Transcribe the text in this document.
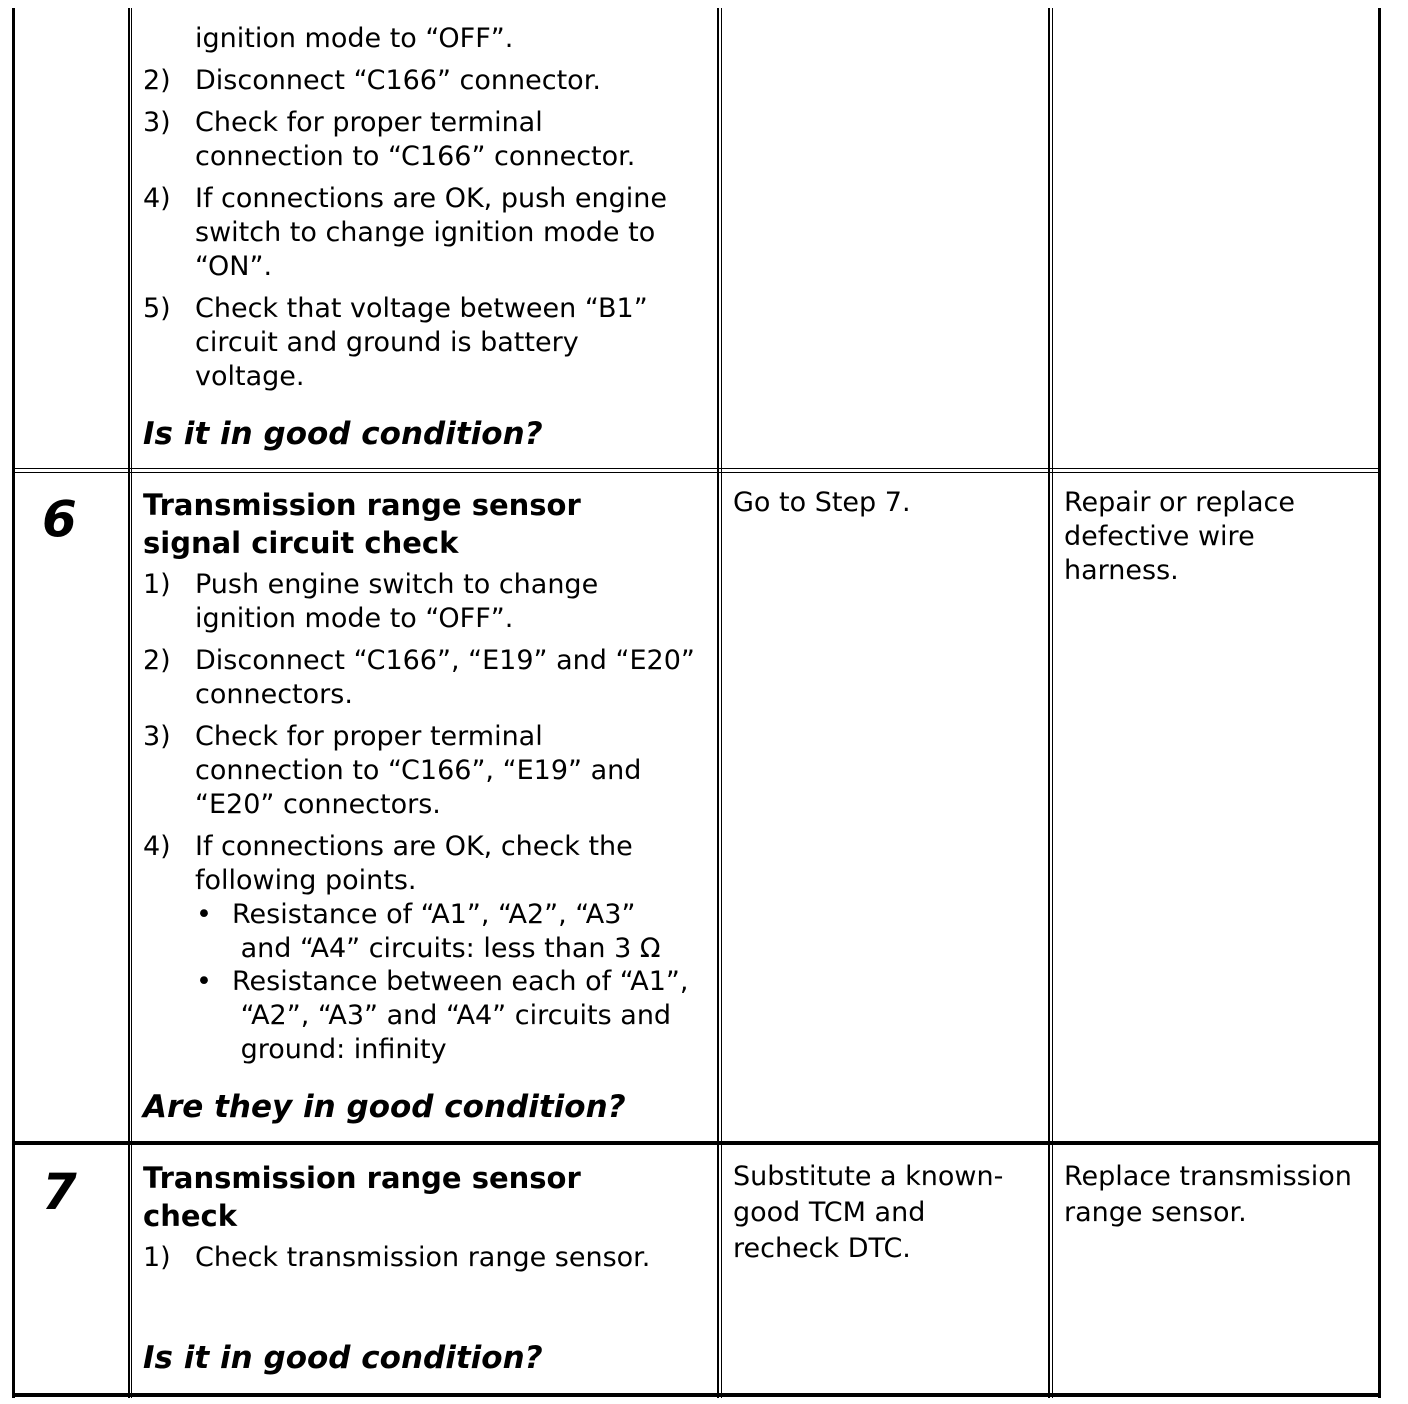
ignition mode to “OFF”.
2) Disconnect “C166” connector.
3) Check for proper terminal
connection to “C166” connector.
4) If connections are OK, push engine
switch to change ignition mode to
“ON”.
5) Check that voltage between “B1”
circuit and ground is battery
voltage.
Is it in good condition?
6 Transmission range sensor
signal circuit check
1) Push engine switch to change
ignition mode to “OFF”.
2) Disconnect “C166”, “E19” and “E20”
connectors.
3) Check for proper terminal
connection to “C166”, “E19” and
“E20” connectors.
4) If connections are OK, check the
following points.
• Resistance of “A1”, “A2”, “A3”
and “A4” circuits: less than 3 Ω
• Resistance between each of “A1”,
“A2”, “A3” and “A4” circuits and
ground: infinity
Are they in good condition?
Go to Step 7.	Repair or replace
defective wire
harness.
7 Transmission range sensor
check
1) Check transmission range sensor.
Is it in good condition?
Substitute a known-
good TCM and
recheck DTC.
Replace transmission
range sensor.
